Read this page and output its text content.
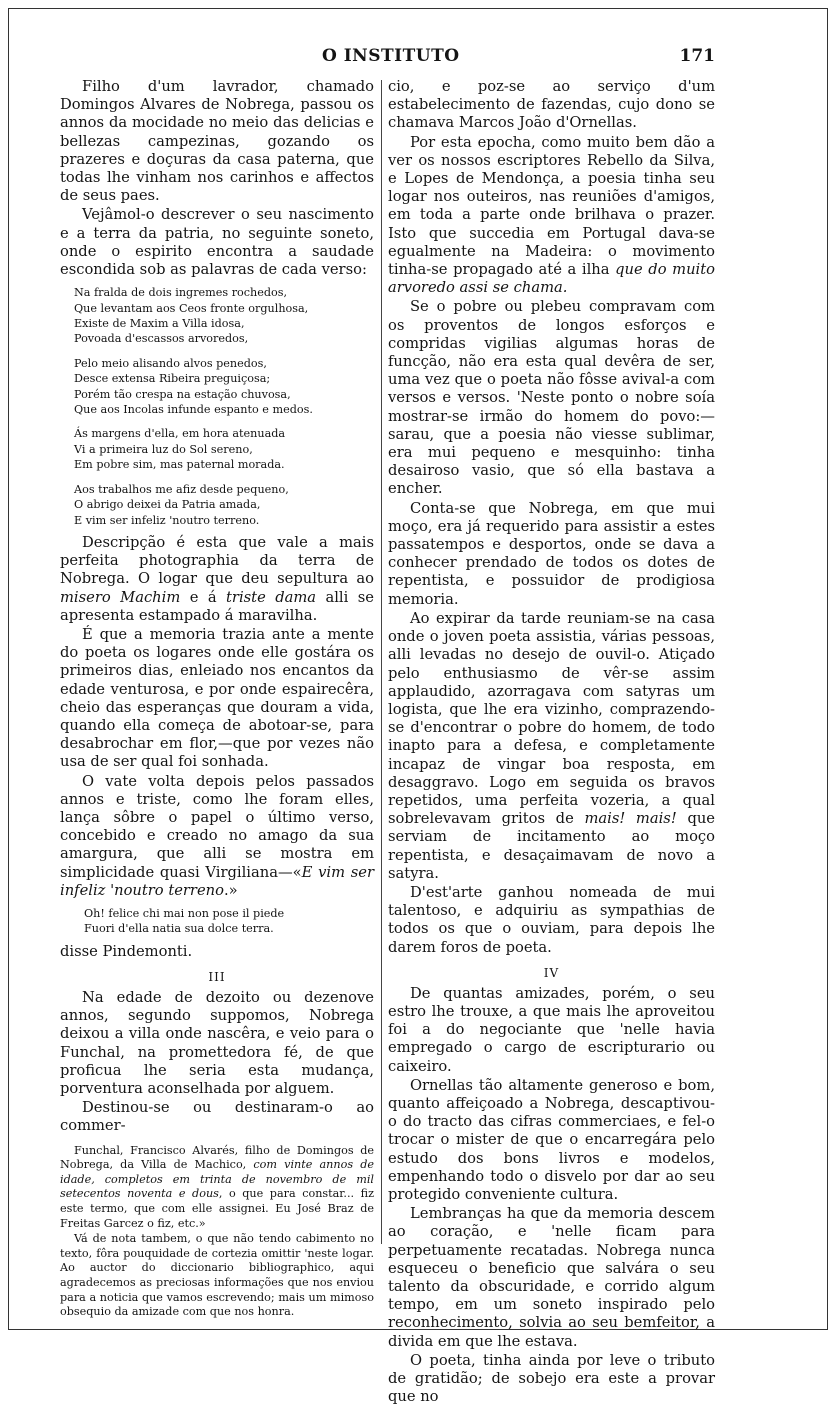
O INSTITUTO	171

Filho d'um lavrador, chamado Domingos Alvares de Nobrega, passou os annos da mocidade no meio das delicias e bellezas campezinas, gozando os prazeres e doçuras da casa paterna, que todas lhe vinham nos carinhos e affectos de seus paes.

Vejâmol-o descrever o seu nascimento e a terra da patria, no seguinte soneto, onde o espirito encontra a saudade escondida sob as palavras de cada verso:

Na fralda de dois ingremes rochedos,
Que levantam aos Ceos fronte orgulhosa,
Existe de Maxim a Villa idosa,
Povoada d'escassos arvoredos,
Pelo meio alisando alvos penedos,
Desce extensa Ribeira preguiçosa;
Porém tão crespa na estação chuvosa,
Que aos Incolas infunde espanto e medos.
Ás margens d'ella, em hora atenuada
Vi a primeira luz do Sol sereno,
Em pobre sim, mas paternal morada.
Aos trabalhos me afiz desde pequeno,
O abrigo deixei da Patria amada,
E vim ser infeliz 'noutro terreno.

Descripção é esta que vale a mais perfeita photographia da terra de Nobrega. O logar que deu sepultura ao misero Machim e á triste dama alli se apresenta estampado á maravilha.

É que a memoria trazia ante a mente do poeta os logares onde elle gostára os primeiros dias, enleiado nos encantos da edade venturosa, e por onde espairecêra, cheio das esperanças que douram a vida, quando ella começa de abotoar-se, para desabrochar em flor,—que por vezes não usa de ser qual foi sonhada.

O vate volta depois pelos passados annos e triste, como lhe foram elles, lança sôbre o papel o último verso, concebido e creado no amago da sua amargura, que alli se mostra em simplicidade quasi Virgiliana—«E vim ser infeliz 'noutro terreno.»

Oh! felice chi mai non pose il piede
Fuori d'ella natia sua dolce terra.

disse Pindemonti.

III

Na edade de dezoito ou dezenove annos, segundo suppomos, Nobrega deixou a villa onde nascêra, e veio para o Funchal, na promettedora fé, de que proficua lhe seria esta mudança, porventura aconselhada por alguem.

Destinou-se ou destinaram-o ao commer-

Funchal, Francisco Alvarés, filho de Domingos de Nobrega, da Villa de Machico, com vinte annos de idade, completos em trinta de novembro de mil setecentos noventa e dous, o que para constar... fiz este termo, que com elle assignei. Eu José Braz de Freitas Garcez o fiz, etc.»

Vá de nota tambem, o que não tendo cabimento no texto, fôra pouquidade de cortezia omittir 'neste logar. Ao auctor do diccionario bibliographico, aqui agradecemos as preciosas informações que nos enviou para a noticia que vamos escrevendo; mais um mimoso obsequio da amizade com que nos honra.

cio, e poz-se ao serviço d'um estabelecimento de fazendas, cujo dono se chamava Marcos João d'Ornellas.

Por esta epocha, como muito bem dão a ver os nossos escriptores Rebello da Silva, e Lopes de Mendonça, a poesia tinha seu logar nos outeiros, nas reuniões d'amigos, em toda a parte onde brilhava o prazer. Isto que succedia em Portugal dava-se egualmente na Madeira: o movimento tinha-se propagado até a ilha que do muito arvoredo assi se chama.

Se o pobre ou plebeu compravam com os proventos de longos esforços e compridas vigilias algumas horas de funcção, não era esta qual devêra de ser, uma vez que o poeta não fôsse avival-a com versos e versos. 'Neste ponto o nobre soía mostrar-se irmão do homem do povo:—sarau, que a poesia não viesse sublimar, era mui pequeno e mesquinho: tinha desairoso vasio, que só ella bastava a encher.

Conta-se que Nobrega, em que mui moço, era já requerido para assistir a estes passatempos e desportos, onde se dava a conhecer prendado de todos os dotes de repentista, e possuidor de prodigiosa memoria.

Ao expirar da tarde reuniam-se na casa onde o joven poeta assistia, várias pessoas, alli levadas no desejo de ouvil-o. Atiçado pelo enthusiasmo de vêr-se assim applaudido, azorragava com satyras um logista, que lhe era vizinho, comprazendo-se d'encontrar o pobre do homem, de todo inapto para a defesa, e completamente incapaz de vingar boa resposta, em desaggravo. Logo em seguida os bravos repetidos, uma perfeita vozeria, a qual sobrelevavam gritos de mais! mais! que serviam de incitamento ao moço repentista, e desaçaimavam de novo a satyra.

D'est'arte ganhou nomeada de mui talentoso, e adquiriu as sympathias de todos os que o ouviam, para depois lhe darem foros de poeta.

IV

De quantas amizades, porém, o seu estro lhe trouxe, a que mais lhe aproveitou foi a do negociante que 'nelle havia empregado o cargo de escripturario ou caixeiro.

Ornellas tão altamente generoso e bom, quanto affeiçoado a Nobrega, descaptivou-o do tracto das cifras commerciaes, e fel-o trocar o mister de que o encarregára pelo estudo dos bons livros e modelos, empenhando todo o disvelo por dar ao seu protegido conveniente cultura.

Lembranças ha que da memoria descem ao coração, e 'nelle ficam para perpetuamente recatadas. Nobrega nunca esqueceu o beneficio que salvára o seu talento da obscuridade, e corrido algum tempo, em um soneto inspirado pelo reconhecimento, solvia ao seu bemfeitor, a divida em que lhe estava.

O poeta, tinha ainda por leve o tributo de gratidão; de sobejo era este a provar que no
